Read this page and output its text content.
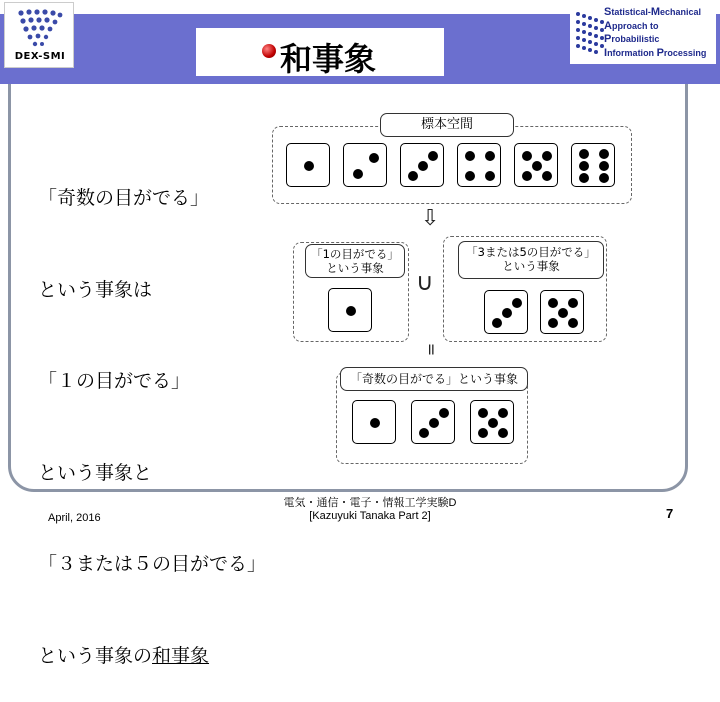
DEX-SMI
Statistical-Mechanical
Approach to Probabilistic
Information Processing
和事象

「奇数の目がでる」

という事象は

「１の目がでる」

という事象と

「３または５の目がでる」

という事象の和事象

標本空間
⇩
「1の目がでる」
という事象	∪
「3または5の目がでる」
という事象
=
「奇数の目がでる」という事象
April, 2016
電気・通信・電子・情報工学実験D
[Kazuyuki Tanaka Part 2]	7
